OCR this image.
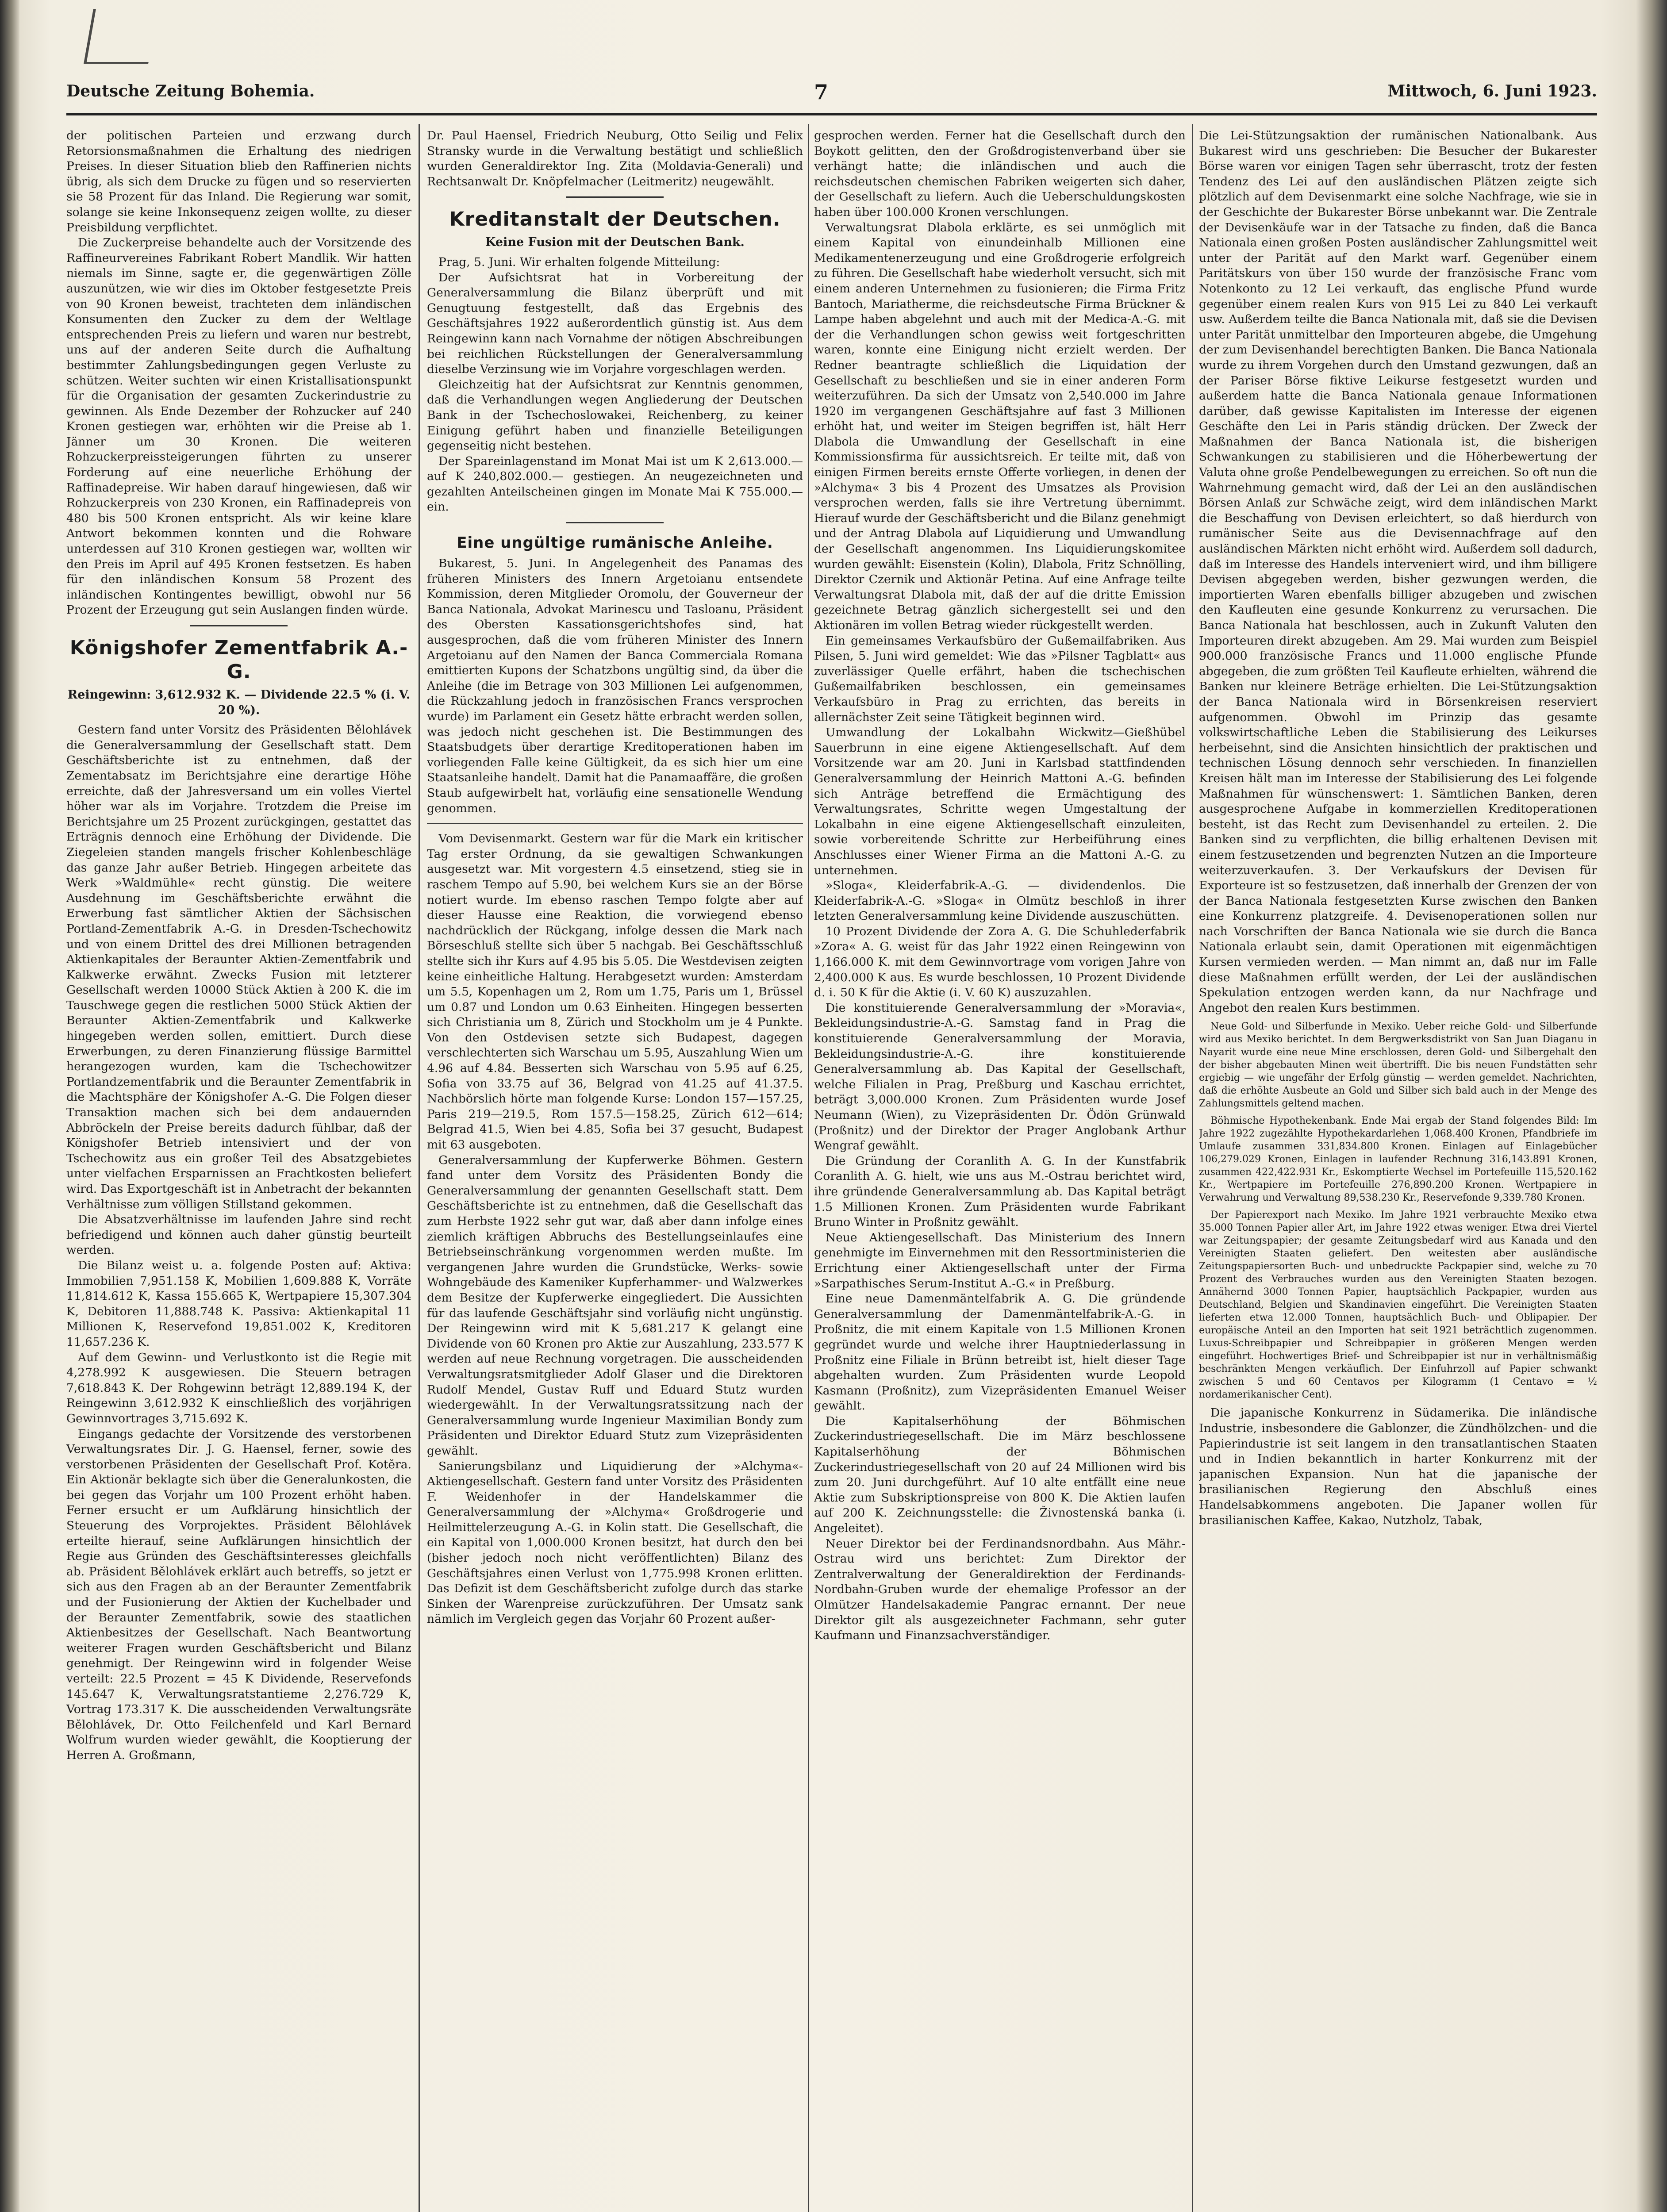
Deutsche Zeitung Bohemia.	7	Mittwoch, 6. Juni 1923.

der politischen Parteien und erzwang durch Retorsionsmaßnahmen die Erhaltung des niedrigen Preises. In dieser Situation blieb den Raffinerien nichts übrig, als sich dem Drucke zu fügen und so reservierten sie 58 Prozent für das Inland. Die Regierung war somit, solange sie keine Inkonsequenz zeigen wollte, zu dieser Preisbildung verpflichtet.

Die Zuckerpreise behandelte auch der Vorsitzende des Raffineurvereines Fabrikant Robert Mandlik. Wir hatten niemals im Sinne, sagte er, die gegenwärtigen Zölle auszunützen, wie wir dies im Oktober festgesetzte Preis von 90 Kronen beweist, trachteten dem inländischen Konsumenten den Zucker zu dem der Weltlage entsprechenden Preis zu liefern und waren nur bestrebt, uns auf der anderen Seite durch die Aufhaltung bestimmter Zahlungsbedingungen gegen Verluste zu schützen. Weiter suchten wir einen Kristallisationspunkt für die Organisation der gesamten Zuckerindustrie zu gewinnen. Als Ende Dezember der Rohzucker auf 240 Kronen gestiegen war, erhöhten wir die Preise ab 1. Jänner um 30 Kronen. Die weiteren Rohzuckerpreissteigerungen führten zu unserer Forderung auf eine neuerliche Erhöhung der Raffinadepreise. Wir haben darauf hingewiesen, daß wir Rohzuckerpreis von 230 Kronen, ein Raffinadepreis von 480 bis 500 Kronen entspricht. Als wir keine klare Antwort bekommen konnten und die Rohware unterdessen auf 310 Kronen gestiegen war, wollten wir den Preis im April auf 495 Kronen festsetzen. Es haben für den inländischen Konsum 58 Prozent des inländischen Kontingentes bewilligt, obwohl nur 56 Prozent der Erzeugung gut sein Auslangen finden würde.

Königshofer Zementfabrik A.-G.
Reingewinn: 3,612.932 K. — Dividende 22.5 % (i. V. 20 %).

Gestern fand unter Vorsitz des Präsidenten Bělohlávek die Generalversammlung der Gesellschaft statt. Dem Geschäftsberichte ist zu entnehmen, daß der Zementabsatz im Berichtsjahre eine derartige Höhe erreichte, daß der Jahresversand um ein volles Viertel höher war als im Vorjahre. Trotzdem die Preise im Berichtsjahre um 25 Prozent zurückgingen, gestattet das Erträgnis dennoch eine Erhöhung der Dividende. Die Ziegeleien standen mangels frischer Kohlenbeschläge das ganze Jahr außer Betrieb. Hingegen arbeitete das Werk »Waldmühle« recht günstig. Die weitere Ausdehnung im Geschäftsberichte erwähnt die Erwerbung fast sämtlicher Aktien der Sächsischen Portland-Zementfabrik A.-G. in Dresden-Tschechowitz und von einem Drittel des drei Millionen betragenden Aktienkapitales der Beraunter Aktien-Zementfabrik und Kalkwerke erwähnt. Zwecks Fusion mit letzterer Gesellschaft werden 10000 Stück Aktien à 200 K. die im Tauschwege gegen die restlichen 5000 Stück Aktien der Beraunter Aktien-Zementfabrik und Kalkwerke hingegeben werden sollen, emittiert. Durch diese Erwerbungen, zu deren Finanzierung flüssige Barmittel herangezogen wurden, kam die Tschechowitzer Portlandzementfabrik und die Beraunter Zementfabrik in die Machtsphäre der Königshofer A.-G. Die Folgen dieser Transaktion machen sich bei dem andauernden Abbröckeln der Preise bereits dadurch fühlbar, daß der Königshofer Betrieb intensiviert und der von Tschechowitz aus ein großer Teil des Absatzgebietes unter vielfachen Ersparnissen an Frachtkosten beliefert wird. Das Exportgeschäft ist in Anbetracht der bekannten Verhältnisse zum völligen Stillstand gekommen.

Die Absatzverhältnisse im laufenden Jahre sind recht befriedigend und können auch daher günstig beurteilt werden.

Die Bilanz weist u. a. folgende Posten auf: Aktiva: Immobilien 7,951.158 K, Mobilien 1,609.888 K, Vorräte 11,814.612 K, Kassa 155.665 K, Wertpapiere 15,307.304 K, Debitoren 11,888.748 K. Passiva: Aktienkapital 11 Millionen K, Reservefond 19,851.002 K, Kreditoren 11,657.236 K.

Auf dem Gewinn- und Verlustkonto ist die Regie mit 4,278.992 K ausgewiesen. Die Steuern betragen 7,618.843 K. Der Rohgewinn beträgt 12,889.194 K, der Reingewinn 3,612.932 K einschließlich des vorjährigen Gewinnvortrages 3,715.692 K.

Eingangs gedachte der Vorsitzende des verstorbenen Verwaltungsrates Dir. J. G. Haensel, ferner, sowie des verstorbenen Präsidenten der Gesellschaft Prof. Kotěra. Ein Aktionär beklagte sich über die Generalunkosten, die bei gegen das Vorjahr um 100 Prozent erhöht haben. Ferner ersucht er um Aufklärung hinsichtlich der Steuerung des Vorprojektes. Präsident Bělohlávek erteilte hierauf, seine Aufklärungen hinsichtlich der Regie aus Gründen des Geschäftsinteresses gleichfalls ab. Präsident Bělohlávek erklärt auch betreffs, so jetzt er sich aus den Fragen ab an der Beraunter Zementfabrik und der Fusionierung der Aktien der Kuchelbader und der Beraunter Zementfabrik, sowie des staatlichen Aktienbesitzes der Gesellschaft. Nach Beantwortung weiterer Fragen wurden Geschäftsbericht und Bilanz genehmigt. Der Reingewinn wird in folgender Weise verteilt: 22.5 Prozent = 45 K Dividende, Reservefonds 145.647 K, Verwaltungsratstantieme 2,276.729 K, Vortrag 173.317 K. Die ausscheidenden Verwaltungsräte Bělohlávek, Dr. Otto Feilchenfeld und Karl Bernard Wolfrum wurden wieder gewählt, die Kooptierung der Herren A. Großmann,

Dr. Paul Haensel, Friedrich Neuburg, Otto Seilig und Felix Stransky wurde in die Verwaltung bestätigt und schließlich wurden Generaldirektor Ing. Zita (Moldavia-Generali) und Rechtsanwalt Dr. Knöpfelmacher (Leitmeritz) neugewählt.

Kreditanstalt der Deutschen.
Keine Fusion mit der Deutschen Bank.

Prag, 5. Juni. Wir erhalten folgende Mitteilung:

Der Aufsichtsrat hat in Vorbereitung der Generalversammlung die Bilanz überprüft und mit Genugtuung festgestellt, daß das Ergebnis des Geschäftsjahres 1922 außerordentlich günstig ist. Aus dem Reingewinn kann nach Vornahme der nötigen Abschreibungen bei reichlichen Rückstellungen der Generalversammlung dieselbe Verzinsung wie im Vorjahre vorgeschlagen werden.

Gleichzeitig hat der Aufsichtsrat zur Kenntnis genommen, daß die Verhandlungen wegen Angliederung der Deutschen Bank in der Tschechoslowakei, Reichenberg, zu keiner Einigung geführt haben und finanzielle Beteiligungen gegenseitig nicht bestehen.

Der Spareinlagenstand im Monat Mai ist um K 2,613.000.— auf K 240,802.000.— gestiegen. An neugezeichneten und gezahlten Anteilscheinen gingen im Monate Mai K 755.000.— ein.

Eine ungültige rumänische Anleihe.

Bukarest, 5. Juni. In Angelegenheit des Panamas des früheren Ministers des Innern Argetoianu entsendete Kommission, deren Mitglieder Oromolu, der Gouverneur der Banca Nationala, Advokat Marinescu und Tasloanu, Präsident des Obersten Kassationsgerichtshofes sind, hat ausgesprochen, daß die vom früheren Minister des Innern Argetoianu auf den Namen der Banca Commerciala Romana emittierten Kupons der Schatzbons ungültig sind, da über die Anleihe (die im Betrage von 303 Millionen Lei aufgenommen, die Rückzahlung jedoch in französischen Francs versprochen wurde) im Parlament ein Gesetz hätte erbracht werden sollen, was jedoch nicht geschehen ist. Die Bestimmungen des Staatsbudgets über derartige Kreditoperationen haben im vorliegenden Falle keine Gültigkeit, da es sich hier um eine Staatsanleihe handelt. Damit hat die Panamaaffäre, die großen Staub aufgewirbelt hat, vorläufig eine sensationelle Wendung genommen.

Vom Devisenmarkt. Gestern war für die Mark ein kritischer Tag erster Ordnung, da sie gewaltigen Schwankungen ausgesetzt war. Mit vorgestern 4.5 einsetzend, stieg sie in raschem Tempo auf 5.90, bei welchem Kurs sie an der Börse notiert wurde. Im ebenso raschen Tempo folgte aber auf dieser Hausse eine Reaktion, die vorwiegend ebenso nachdrücklich der Rückgang, infolge dessen die Mark nach Börseschluß stellte sich über 5 nachgab. Bei Geschäftsschluß stellte sich ihr Kurs auf 4.95 bis 5.05. Die Westdevisen zeigten keine einheitliche Haltung. Herabgesetzt wurden: Amsterdam um 5.5, Kopenhagen um 2, Rom um 1.75, Paris um 1, Brüssel um 0.87 und London um 0.63 Einheiten. Hingegen besserten sich Christiania um 8, Zürich und Stockholm um je 4 Punkte. Von den Ostdevisen setzte sich Budapest, dagegen verschlechterten sich Warschau um 5.95, Auszahlung Wien um 4.96 auf 4.84. Besserten sich Warschau von 5.95 auf 6.25, Sofia von 33.75 auf 36, Belgrad von 41.25 auf 41.37.5. Nachbörslich hörte man folgende Kurse: London 157—157.25, Paris 219—219.5, Rom 157.5—158.25, Zürich 612—614; Belgrad 41.5, Wien bei 4.85, Sofia bei 37 gesucht, Budapest mit 63 ausgeboten.

Generalversammlung der Kupferwerke Böhmen. Gestern fand unter dem Vorsitz des Präsidenten Bondy die Generalversammlung der genannten Gesellschaft statt. Dem Geschäftsberichte ist zu entnehmen, daß die Gesellschaft das zum Herbste 1922 sehr gut war, daß aber dann infolge eines ziemlich kräftigen Abbruchs des Bestellungseinlaufes eine Betriebseinschränkung vorgenommen werden mußte. Im vergangenen Jahre wurden die Grundstücke, Werks- sowie Wohngebäude des Kameniker Kupferhammer- und Walzwerkes dem Besitze der Kupferwerke eingegliedert. Die Aussichten für das laufende Geschäftsjahr sind vorläufig nicht ungünstig. Der Reingewinn wird mit K 5,681.217 K gelangt eine Dividende von 60 Kronen pro Aktie zur Auszahlung, 233.577 K werden auf neue Rechnung vorgetragen. Die ausscheidenden Verwaltungsratsmitglieder Adolf Glaser und die Direktoren Rudolf Mendel, Gustav Ruff und Eduard Stutz wurden wiedergewählt. In der Verwaltungsratssitzung nach der Generalversammlung wurde Ingenieur Maximilian Bondy zum Präsidenten und Direktor Eduard Stutz zum Vizepräsidenten gewählt.

Sanierungsbilanz und Liquidierung der »Alchyma«-Aktiengesellschaft. Gestern fand unter Vorsitz des Präsidenten F. Weidenhofer in der Handelskammer die Generalversammlung der »Alchyma« Großdrogerie und Heilmittelerzeugung A.-G. in Kolin statt. Die Gesellschaft, die ein Kapital von 1,000.000 Kronen besitzt, hat durch den bei (bisher jedoch noch nicht veröffentlichten) Bilanz des Geschäftsjahres einen Verlust von 1,775.998 Kronen erlitten. Das Defizit ist dem Geschäftsbericht zufolge durch das starke Sinken der Warenpreise zurückzuführen. Der Umsatz sank nämlich im Vergleich gegen das Vorjahr 60 Prozent außer-

gesprochen werden. Ferner hat die Gesellschaft durch den Boykott gelitten, den der Großdrogistenverband über sie verhängt hatte; die inländischen und auch die reichsdeutschen chemischen Fabriken weigerten sich daher, der Gesellschaft zu liefern. Auch die Ueberschuldungskosten haben über 100.000 Kronen verschlungen.

Verwaltungsrat Dlabola erklärte, es sei unmöglich mit einem Kapital von einundeinhalb Millionen eine Medikamentenerzeugung und eine Großdrogerie erfolgreich zu führen. Die Gesellschaft habe wiederholt versucht, sich mit einem anderen Unternehmen zu fusionieren; die Firma Fritz Bantoch, Mariatherme, die reichsdeutsche Firma Brückner & Lampe haben abgelehnt und auch mit der Medica-A.-G. mit der die Verhandlungen schon gewiss weit fortgeschritten waren, konnte eine Einigung nicht erzielt werden. Der Redner beantragte schließlich die Liquidation der Gesellschaft zu beschließen und sie in einer anderen Form weiterzuführen. Da sich der Umsatz von 2,540.000 im Jahre 1920 im vergangenen Geschäftsjahre auf fast 3 Millionen erhöht hat, und weiter im Steigen begriffen ist, hält Herr Dlabola die Umwandlung der Gesellschaft in eine Kommissionsfirma für aussichtsreich. Er teilte mit, daß von einigen Firmen bereits ernste Offerte vorliegen, in denen der »Alchyma« 3 bis 4 Prozent des Umsatzes als Provision versprochen werden, falls sie ihre Vertretung übernimmt. Hierauf wurde der Geschäftsbericht und die Bilanz genehmigt und der Antrag Dlabola auf Liquidierung und Umwandlung der Gesellschaft angenommen. Ins Liquidierungskomitee wurden gewählt: Eisenstein (Kolin), Dlabola, Fritz Schnölling, Direktor Czernik und Aktionär Petina. Auf eine Anfrage teilte Verwaltungsrat Dlabola mit, daß der auf die dritte Emission gezeichnete Betrag gänzlich sichergestellt sei und den Aktionären im vollen Betrag wieder rückgestellt werden.

Ein gemeinsames Verkaufsbüro der Gußemailfabriken. Aus Pilsen, 5. Juni wird gemeldet: Wie das »Pilsner Tagblatt« aus zuverlässiger Quelle erfährt, haben die tschechischen Gußemailfabriken beschlossen, ein gemeinsames Verkaufsbüro in Prag zu errichten, das bereits in allernächster Zeit seine Tätigkeit beginnen wird.

Umwandlung der Lokalbahn Wickwitz—Gießhübel Sauerbrunn in eine eigene Aktiengesellschaft. Auf dem Vorsitzende war am 20. Juni in Karlsbad stattfindenden Generalversammlung der Heinrich Mattoni A.-G. befinden sich Anträge betreffend die Ermächtigung des Verwaltungsrates, Schritte wegen Umgestaltung der Lokalbahn in eine eigene Aktiengesellschaft einzuleiten, sowie vorbereitende Schritte zur Herbeiführung eines Anschlusses einer Wiener Firma an die Mattoni A.-G. zu unternehmen.

»Sloga«, Kleiderfabrik-A.-G. — dividendenlos. Die Kleiderfabrik-A.-G. »Sloga« in Olmütz beschloß in ihrer letzten Generalversammlung keine Dividende auszuschütten.

10 Prozent Dividende der Zora A. G. Die Schuhlederfabrik »Zora« A. G. weist für das Jahr 1922 einen Reingewinn von 1,166.000 K. mit dem Gewinnvortrage vom vorigen Jahre von 2,400.000 K aus. Es wurde beschlossen, 10 Prozent Dividende d. i. 50 K für die Aktie (i. V. 60 K) auszuzahlen.

Die konstituierende Generalversammlung der »Moravia«, Bekleidungsindustrie-A.-G. Samstag fand in Prag die konstituierende Generalversammlung der Moravia, Bekleidungsindustrie-A.-G. ihre konstituierende Generalversammlung ab. Das Kapital der Gesellschaft, welche Filialen in Prag, Preßburg und Kaschau errichtet, beträgt 3,000.000 Kronen. Zum Präsidenten wurde Josef Neumann (Wien), zu Vizepräsidenten Dr. Ödön Grünwald (Proßnitz) und der Direktor der Prager Anglobank Arthur Wengraf gewählt.

Die Gründung der Coranlith A. G. In der Kunstfabrik Coranlith A. G. hielt, wie uns aus M.-Ostrau berichtet wird, ihre gründende Generalversammlung ab. Das Kapital beträgt 1.5 Millionen Kronen. Zum Präsidenten wurde Fabrikant Bruno Winter in Proßnitz gewählt.

Neue Aktiengesellschaft. Das Ministerium des Innern genehmigte im Einvernehmen mit den Ressortministerien die Errichtung einer Aktiengesellschaft unter der Firma »Sarpathisches Serum-Institut A.-G.« in Preßburg.

Eine neue Damenmäntelfabrik A. G. Die gründende Generalversammlung der Damenmäntelfabrik-A.-G. in Proßnitz, die mit einem Kapitale von 1.5 Millionen Kronen gegründet wurde und welche ihrer Hauptniederlassung in Proßnitz eine Filiale in Brünn betreibt ist, hielt dieser Tage abgehalten wurden. Zum Präsidenten wurde Leopold Kasmann (Proßnitz), zum Vizepräsidenten Emanuel Weiser gewählt.

Die Kapitalserhöhung der Böhmischen Zuckerindustriegesellschaft. Die im März beschlossene Kapitalserhöhung der Böhmischen Zuckerindustriegesellschaft von 20 auf 24 Millionen wird bis zum 20. Juni durchgeführt. Auf 10 alte entfällt eine neue Aktie zum Subskriptionspreise von 800 K. Die Aktien laufen auf 200 K. Zeichnungsstelle: die Živnostenská banka (i. Angeleitet).

Neuer Direktor bei der Ferdinandsnordbahn. Aus Mähr.-Ostrau wird uns berichtet: Zum Direktor der Zentralverwaltung der Generaldirektion der Ferdinands-Nordbahn-Gruben wurde der ehemalige Professor an der Olmützer Handelsakademie Pangrac ernannt. Der neue Direktor gilt als ausgezeichneter Fachmann, sehr guter Kaufmann und Finanzsachverständiger.

Die Lei-Stützungsaktion der rumänischen Nationalbank. Aus Bukarest wird uns geschrieben: Die Besucher der Bukarester Börse waren vor einigen Tagen sehr überrascht, trotz der festen Tendenz des Lei auf den ausländischen Plätzen zeigte sich plötzlich auf dem Devisenmarkt eine solche Nachfrage, wie sie in der Geschichte der Bukarester Börse unbekannt war. Die Zentrale der Devisenkäufe war in der Tatsache zu finden, daß die Banca Nationala einen großen Posten ausländischer Zahlungsmittel weit unter der Parität auf den Markt warf. Gegenüber einem Paritätskurs von über 150 wurde der französische Franc vom Notenkonto zu 12 Lei verkauft, das englische Pfund wurde gegenüber einem realen Kurs von 915 Lei zu 840 Lei verkauft usw. Außerdem teilte die Banca Nationala mit, daß sie die Devisen unter Parität unmittelbar den Importeuren abgebe, die Umgehung der zum Devisenhandel berechtigten Banken. Die Banca Nationala wurde zu ihrem Vorgehen durch den Umstand gezwungen, daß an der Pariser Börse fiktive Leikurse festgesetzt wurden und außerdem hatte die Banca Nationala genaue Informationen darüber, daß gewisse Kapitalisten im Interesse der eigenen Geschäfte den Lei in Paris ständig drücken. Der Zweck der Maßnahmen der Banca Nationala ist, die bisherigen Schwankungen zu stabilisieren und die Höherbewertung der Valuta ohne große Pendelbewegungen zu erreichen. So oft nun die Wahrnehmung gemacht wird, daß der Lei an den ausländischen Börsen Anlaß zur Schwäche zeigt, wird dem inländischen Markt die Beschaffung von Devisen erleichtert, so daß hierdurch von rumänischer Seite aus die Devisennachfrage auf den ausländischen Märkten nicht erhöht wird. Außerdem soll dadurch, daß im Interesse des Handels interveniert wird, und ihm billigere Devisen abgegeben werden, bisher gezwungen werden, die importierten Waren ebenfalls billiger abzugeben und zwischen den Kaufleuten eine gesunde Konkurrenz zu verursachen. Die Banca Nationala hat beschlossen, auch in Zukunft Valuten den Importeuren direkt abzugeben. Am 29. Mai wurden zum Beispiel 900.000 französische Francs und 11.000 englische Pfunde abgegeben, die zum größten Teil Kaufleute erhielten, während die Banken nur kleinere Beträge erhielten. Die Lei-Stützungsaktion der Banca Nationala wird in Börsenkreisen reserviert aufgenommen. Obwohl im Prinzip das gesamte volkswirtschaftliche Leben die Stabilisierung des Leikurses herbeisehnt, sind die Ansichten hinsichtlich der praktischen und technischen Lösung dennoch sehr verschieden. In finanziellen Kreisen hält man im Interesse der Stabilisierung des Lei folgende Maßnahmen für wünschenswert: 1. Sämtlichen Banken, deren ausgesprochene Aufgabe in kommerziellen Kreditoperationen besteht, ist das Recht zum Devisenhandel zu erteilen. 2. Die Banken sind zu verpflichten, die billig erhaltenen Devisen mit einem festzusetzenden und begrenzten Nutzen an die Importeure weiterzuverkaufen. 3. Der Verkaufskurs der Devisen für Exporteure ist so festzusetzen, daß innerhalb der Grenzen der von der Banca Nationala festgesetzten Kurse zwischen den Banken eine Konkurrenz platzgreife. 4. Devisenoperationen sollen nur nach Vorschriften der Banca Nationala wie sie durch die Banca Nationala erlaubt sein, damit Operationen mit eigenmächtigen Kursen vermieden werden. — Man nimmt an, daß nur im Falle diese Maßnahmen erfüllt werden, der Lei der ausländischen Spekulation entzogen werden kann, da nur Nachfrage und Angebot den realen Kurs bestimmen.

Neue Gold- und Silberfunde in Mexiko. Ueber reiche Gold- und Silberfunde wird aus Mexiko berichtet. In dem Bergwerksdistrikt von San Juan Diaganu in Nayarit wurde eine neue Mine erschlossen, deren Gold- und Silbergehalt den der bisher abgebauten Minen weit übertrifft. Die bis neuen Fundstätten sehr ergiebig — wie ungefähr der Erfolg günstig — werden gemeldet. Nachrichten, daß die erhöhte Ausbeute an Gold und Silber sich bald auch in der Menge des Zahlungsmittels geltend machen.

Böhmische Hypothekenbank. Ende Mai ergab der Stand folgendes Bild: Im Jahre 1922 zugezählte Hypothekardarlehen 1,068.400 Kronen, Pfandbriefe im Umlaufe zusammen 331,834.800 Kronen. Einlagen auf Einlagebücher 106,279.029 Kronen, Einlagen in laufender Rechnung 316,143.891 Kronen, zusammen 422,422.931 Kr., Eskomptierte Wechsel im Portefeuille 115,520.162 Kr., Wertpapiere im Portefeuille 276,890.200 Kronen. Wertpapiere in Verwahrung und Verwaltung 89,538.230 Kr., Reservefonde 9,339.780 Kronen.

Der Papierexport nach Mexiko. Im Jahre 1921 verbrauchte Mexiko etwa 35.000 Tonnen Papier aller Art, im Jahre 1922 etwas weniger. Etwa drei Viertel war Zeitungspapier; der gesamte Zeitungsbedarf wird aus Kanada und den Vereinigten Staaten geliefert. Den weitesten aber ausländische Zeitungspapiersorten Buch- und unbedruckte Packpapier sind, welche zu 70 Prozent des Verbrauches wurden aus den Vereinigten Staaten bezogen. Annähernd 3000 Tonnen Papier, hauptsächlich Packpapier, wurden aus Deutschland, Belgien und Skandinavien eingeführt. Die Vereinigten Staaten lieferten etwa 12.000 Tonnen, hauptsächlich Buch- und Oblipapier. Der europäische Anteil an den Importen hat seit 1921 beträchtlich zugenommen. Luxus-Schreibpapier und Schreibpapier in größeren Mengen werden eingeführt. Hochwertiges Brief- und Schreibpapier ist nur in verhältnismäßig beschränkten Mengen verkäuflich. Der Einfuhrzoll auf Papier schwankt zwischen 5 und 60 Centavos per Kilogramm (1 Centavo = ½ nordamerikanischer Cent).

Die japanische Konkurrenz in Südamerika. Die inländische Industrie, insbesondere die Gablonzer, die Zündhölzchen- und die Papierindustrie ist seit langem in den transatlantischen Staaten und in Indien bekanntlich in harter Konkurrenz mit der japanischen Expansion. Nun hat die japanische der brasilianischen Regierung den Abschluß eines Handelsabkommens angeboten. Die Japaner wollen für brasilianischen Kaffee, Kakao, Nutzholz, Tabak,
